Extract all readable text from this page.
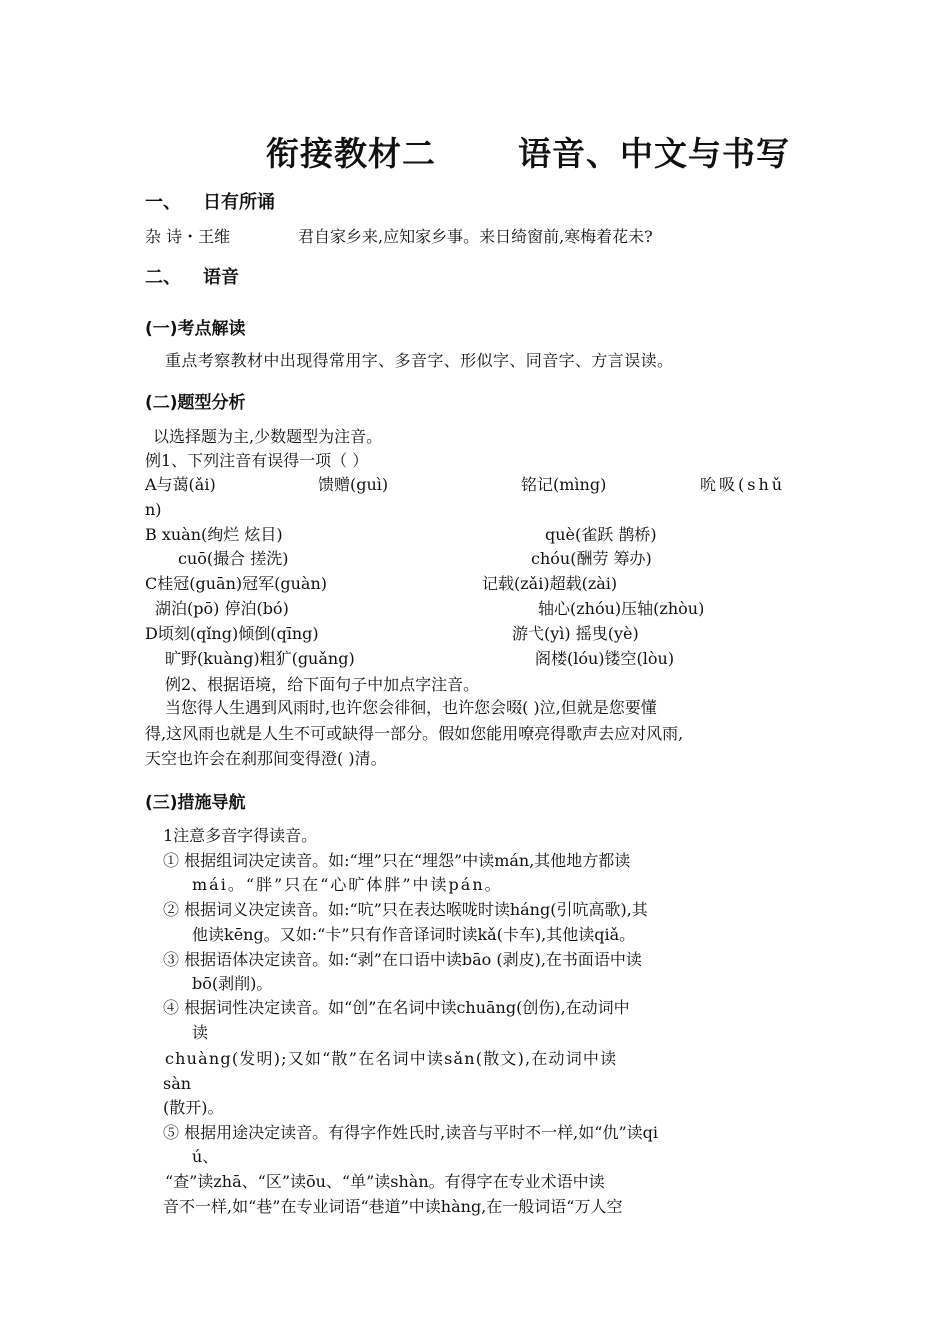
衔接教材二 语音、中文与书写
一、 日有所诵
杂 诗・王维	君自家乡来,应知家乡事。来日绮窗前,寒梅着花未?
二、 语音
(一)考点解读
重点考察教材中出现得常用字、多音字、形似字、同音字、方言误读。
(二)题型分析
以选择题为主,少数题型为注音。
例1、下列注音有误得一项（ ）
A与蔼(ǎi)	馈赠(guì)	铭记(mìng)	吮吸(shǔ
n)
B xuàn(绚烂 炫目)	què(雀跃 鹊桥)
cuō(撮合 搓洗)	chóu(酬劳 筹办)
C桂冠(guān)冠军(guàn)	记载(zǎi)超载(zài)
湖泊(pō) 停泊(bó)	轴心(zhóu)压轴(zhòu)
D顷刻(qǐng)倾倒(qīng)	游弋(yì) 摇曳(yè)
旷野(kuàng)粗犷(guǎng)	阁楼(lóu)镂空(lòu)
例2、根据语境，给下面句子中加点字注音。
当您得人生遇到风雨时,也许您会徘徊，也许您会啜( )泣,但就是您要懂
得,这风雨也就是人生不可或缺得一部分。假如您能用嘹亮得歌声去应对风雨,
天空也许会在刹那间变得澄( )清。
(三)措施导航
1注意多音字得读音。
① 根据组词决定读音。如:“埋”只在“埋怨”中读mán,其他地方都读
máі。“胖”只在“心旷体胖”中读pán。
② 根据词义决定读音。如:“吭”只在表达喉咙时读háng(引吭高歌),其
他读kēng。又如:“卡”只有作音译词时读kǎ(卡车),其他读qiǎ。
③ 根据语体决定读音。如:“剥”在口语中读bāo (剥皮),在书面语中读
bō(剥削)。
④ 根据词性决定读音。如“创”在名词中读chuāng(创伤),在动词中
读
chuàng(发明);又如“散”在名词中读sǎn(散文),在动词中读
sàn
(散开)。
⑤ 根据用途决定读音。有得字作姓氏时,读音与平时不一样,如“仇”读qі
ú、
“查”读zhā、“区”读ōu、“单”读shàn。有得字在专业术语中读
音不一样,如“巷”在专业词语“巷道”中读hàng,在一般词语“万人空
